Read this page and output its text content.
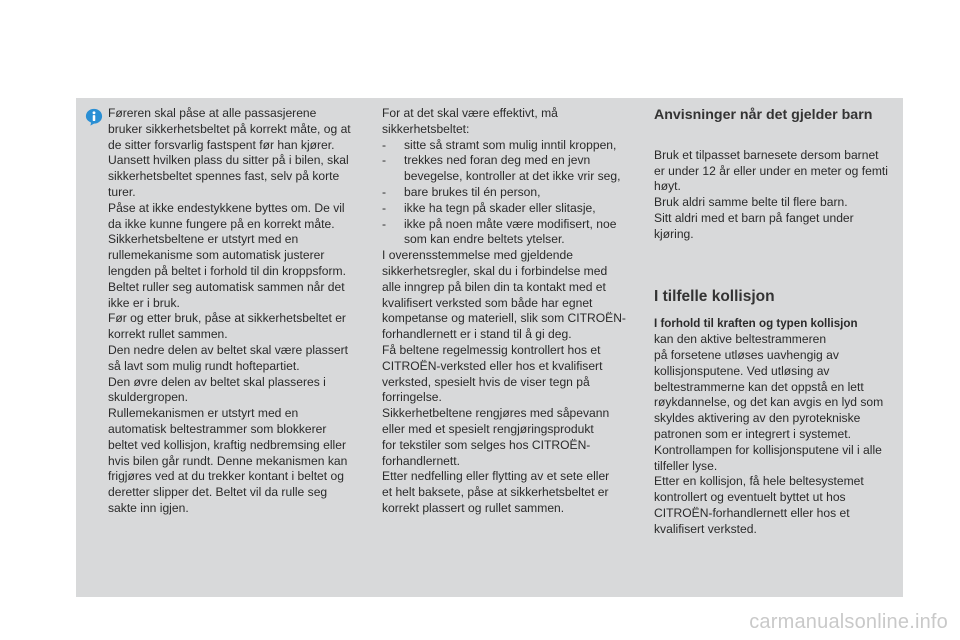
Føreren skal påse at alle passasjerene
bruker sikkerhetsbeltet på korrekt måte, og at
de sitter forsvarlig fastspent før han kjører.
Uansett hvilken plass du sitter på i bilen, skal
sikkerhetsbeltet spennes fast, selv på korte
turer.
Påse at ikke endestykkene byttes om. De vil
da ikke kunne fungere på en korrekt måte.
Sikkerhetsbeltene er utstyrt med en
rullemekanisme som automatisk justerer
lengden på beltet i forhold til din kroppsform.
Beltet ruller seg automatisk sammen når det
ikke er i bruk.
Før og etter bruk, påse at sikkerhetsbeltet er
korrekt rullet sammen.
Den nedre delen av beltet skal være plassert
så lavt som mulig rundt hoftepartiet.
Den øvre delen av beltet skal plasseres i
skuldergropen.
Rullemekanismen er utstyrt med en
automatisk beltestrammer som blokkerer
beltet ved kollisjon, kraftig nedbremsing eller
hvis bilen går rundt. Denne mekanismen kan
frigjøres ved at du trekker kontant i beltet og
deretter slipper det. Beltet vil da rulle seg
sakte inn igjen.
For at det skal være effektivt, må
sikkerhetsbeltet:
-	sitte så stramt som mulig inntil kroppen,
-	trekkes ned foran deg med en jevn
bevegelse, kontroller at det ikke vrir seg,
-	bare brukes til én person,
-	ikke ha tegn på skader eller slitasje,
-	ikke på noen måte være modifisert, noe
som kan endre beltets ytelser.
I overensstemmelse med gjeldende
sikkerhetsregler, skal du i forbindelse med
alle inngrep på bilen din ta kontakt med et
kvalifisert verksted som både har egnet
kompetanse og materiell, slik som CITROËN-
forhandlernett er i stand til å gi deg.
Få beltene regelmessig kontrollert hos et
CITROËN-verksted eller hos et kvalifisert
verksted, spesielt hvis de viser tegn på
forringelse.
Sikkerhetbeltene rengjøres med såpevann
eller med et spesielt rengjøringsprodukt
for tekstiler som selges hos CITROËN-
forhandlernett.
Etter nedfelling eller flytting av et sete eller
et helt baksete, påse at sikkerhetsbeltet er
korrekt plassert og rullet sammen.
Anvisninger når det gjelder barn
Bruk et tilpasset barnesete dersom barnet
er under 12 år eller under en meter og femti
høyt.
Bruk aldri samme belte til flere barn.
Sitt aldri med et barn på fanget under
kjøring.
I tilfelle kollisjon
I forhold til kraften og typen kollisjon
kan den aktive beltestrammeren
på forsetene utløses uavhengig av
kollisjonsputene. Ved utløsing av
beltestrammerne kan det oppstå en lett
røykdannelse, og det kan avgis en lyd som
skyldes aktivering av den pyrotekniske
patronen som er integrert i systemet.
Kontrollampen for kollisjonsputene vil i alle
tilfeller lyse.
Etter en kollisjon, få hele beltesystemet
kontrollert og eventuelt byttet ut hos
CITROËN-forhandlernett eller hos et
kvalifisert verksted.
carmanualsonline.info
